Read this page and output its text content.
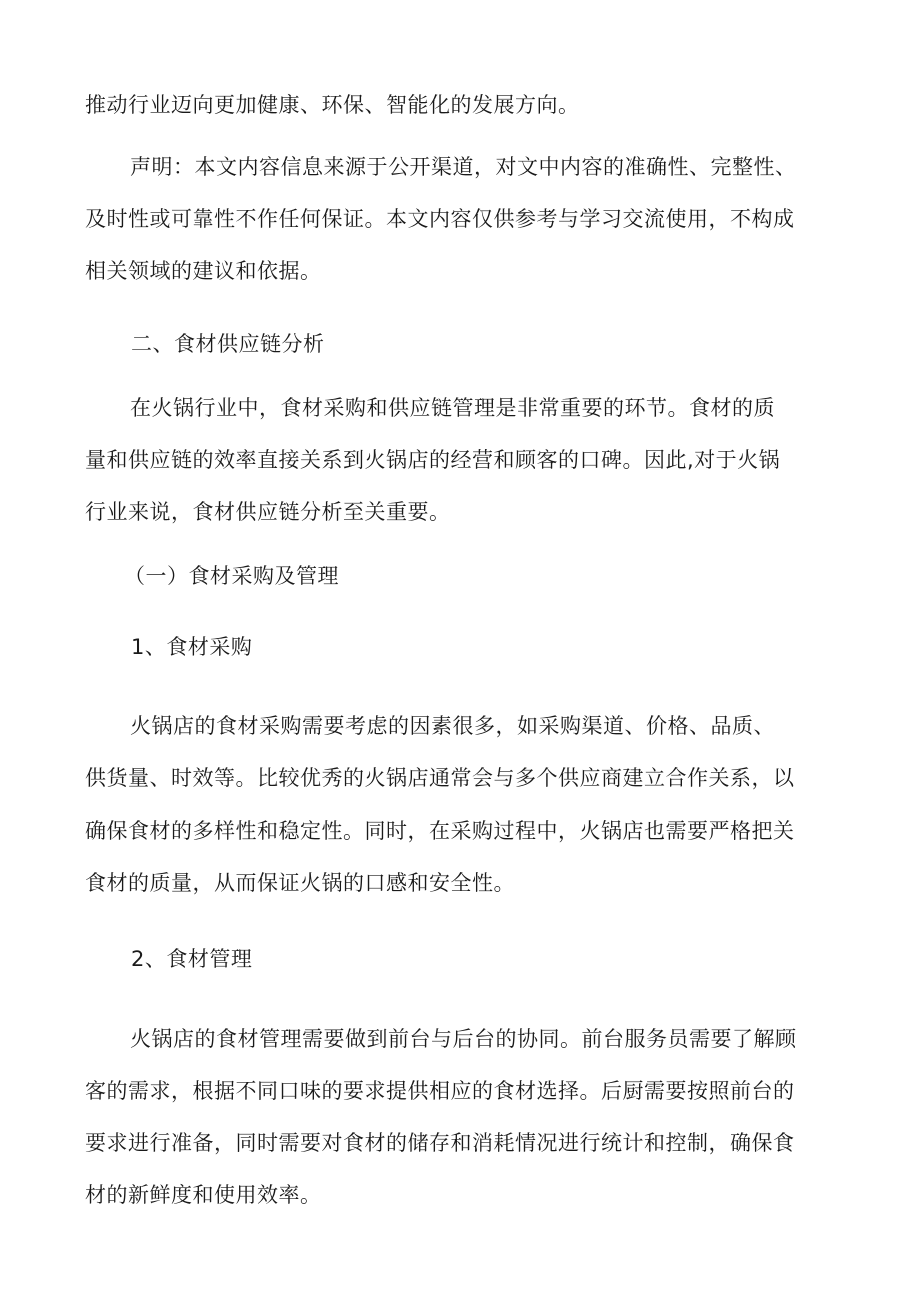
推动行业迈向更加健康、环保、智能化的发展方向。
声明：本文内容信息来源于公开渠道，对文中内容的准确性、完整性、
及时性或可靠性不作任何保证。本文内容仅供参考与学习交流使用，不构成
相关领域的建议和依据。
二、食材供应链分析
在火锅行业中，食材采购和供应链管理是非常重要的环节。食材的质
量和供应链的效率直接关系到火锅店的经营和顾客的口碑。因此,对于火锅
行业来说，食材供应链分析至关重要。
（一）食材采购及管理
1、食材采购
火锅店的食材采购需要考虑的因素很多，如采购渠道、价格、品质、
供货量、时效等。比较优秀的火锅店通常会与多个供应商建立合作关系，以
确保食材的多样性和稳定性。同时，在采购过程中，火锅店也需要严格把关
食材的质量，从而保证火锅的口感和安全性。
2、食材管理
火锅店的食材管理需要做到前台与后台的协同。前台服务员需要了解顾
客的需求，根据不同口味的要求提供相应的食材选择。后厨需要按照前台的
要求进行准备，同时需要对食材的储存和消耗情况进行统计和控制，确保食
材的新鲜度和使用效率。
